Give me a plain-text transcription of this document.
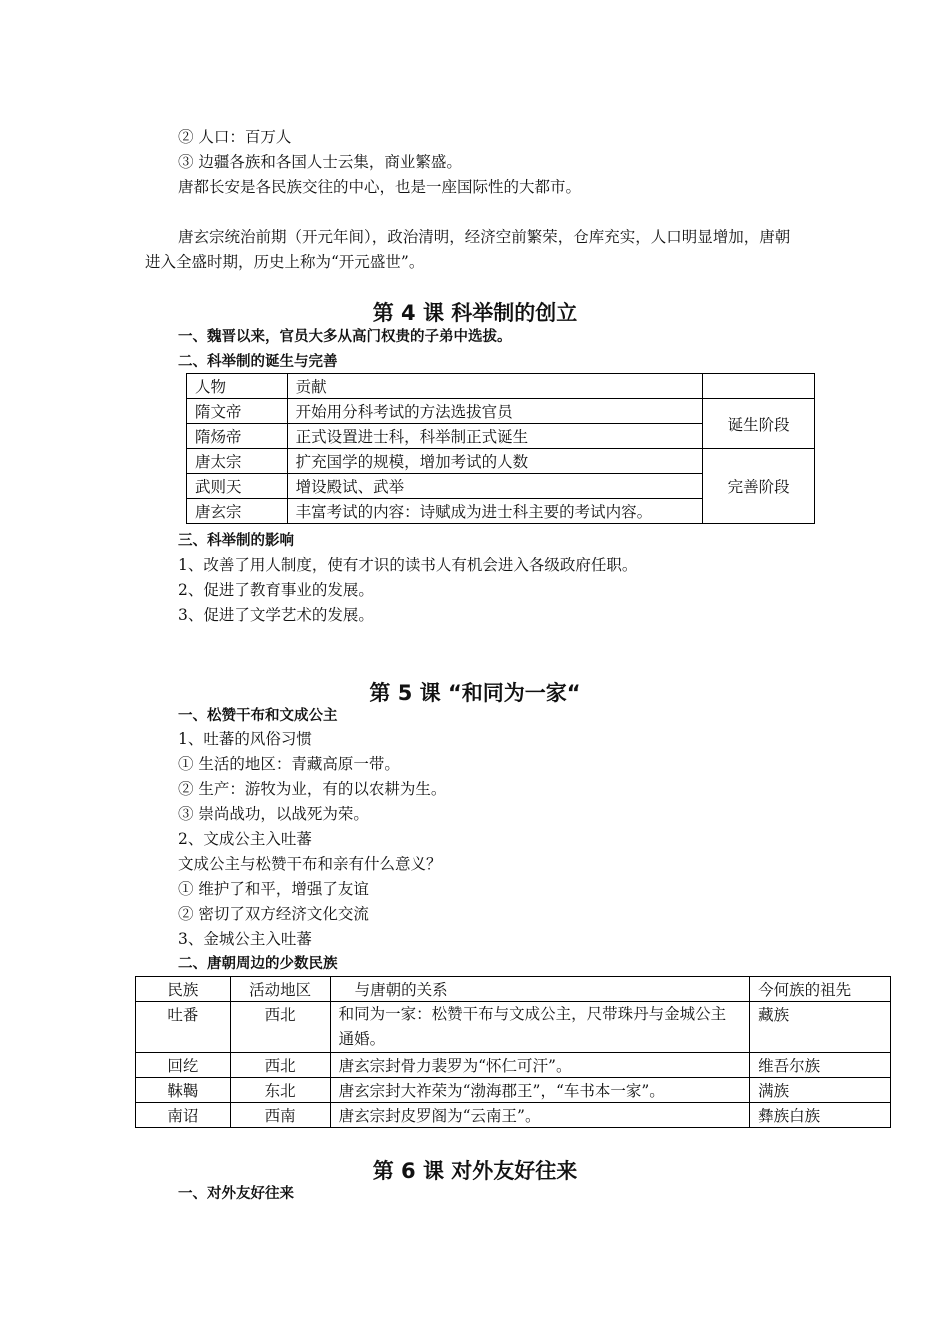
② 人口：百万人
③ 边疆各族和各国人士云集，商业繁盛。
唐都长安是各民族交往的中心，也是一座国际性的大都市。
唐玄宗统治前期（开元年间），政治清明，经济空前繁荣，仓库充实，人口明显增加，唐朝
进入全盛时期，历史上称为“开元盛世”。
第 4 课 科举制的创立
一、魏晋以来，官员大多从高门权贵的子弟中选拔。
二、科举制的诞生与完善
人物	贡献	
隋文帝	开始用分科考试的方法选拔官员	诞生阶段
隋炀帝	正式设置进士科，科举制正式诞生	
唐太宗	扩充国学的规模，增加考试的人数	完善阶段
武则天	增设殿试、武举	
唐玄宗	丰富考试的内容：诗赋成为进士科主要的考试内容。	
三、科举制的影响
1、改善了用人制度，使有才识的读书人有机会进入各级政府任职。
2、促进了教育事业的发展。
3、促进了文学艺术的发展。
第 5 课 “和同为一家“
一、松赞干布和文成公主
1、吐蕃的风俗习惯
① 生活的地区：青藏高原一带。
② 生产：游牧为业，有的以农耕为生。
③ 崇尚战功，以战死为荣。
2、文成公主入吐蕃
文成公主与松赞干布和亲有什么意义？
① 维护了和平，增强了友谊
② 密切了双方经济文化交流
3、金城公主入吐蕃
二、唐朝周边的少数民族
民族	活动地区	与唐朝的关系	今何族的祖先
吐番	西北	和同为一家：松赞干布与文成公主，尺带珠丹与金城公主通婚。	藏族
回纥	西北	唐玄宗封骨力裴罗为“怀仁可汗”。	维吾尔族
靺鞨	东北	唐玄宗封大祚荣为“渤海郡王”，“车书本一家”。	满族
南诏	西南	唐玄宗封皮罗阁为“云南王”。	彝族白族
第 6 课 对外友好往来
一、对外友好往来
